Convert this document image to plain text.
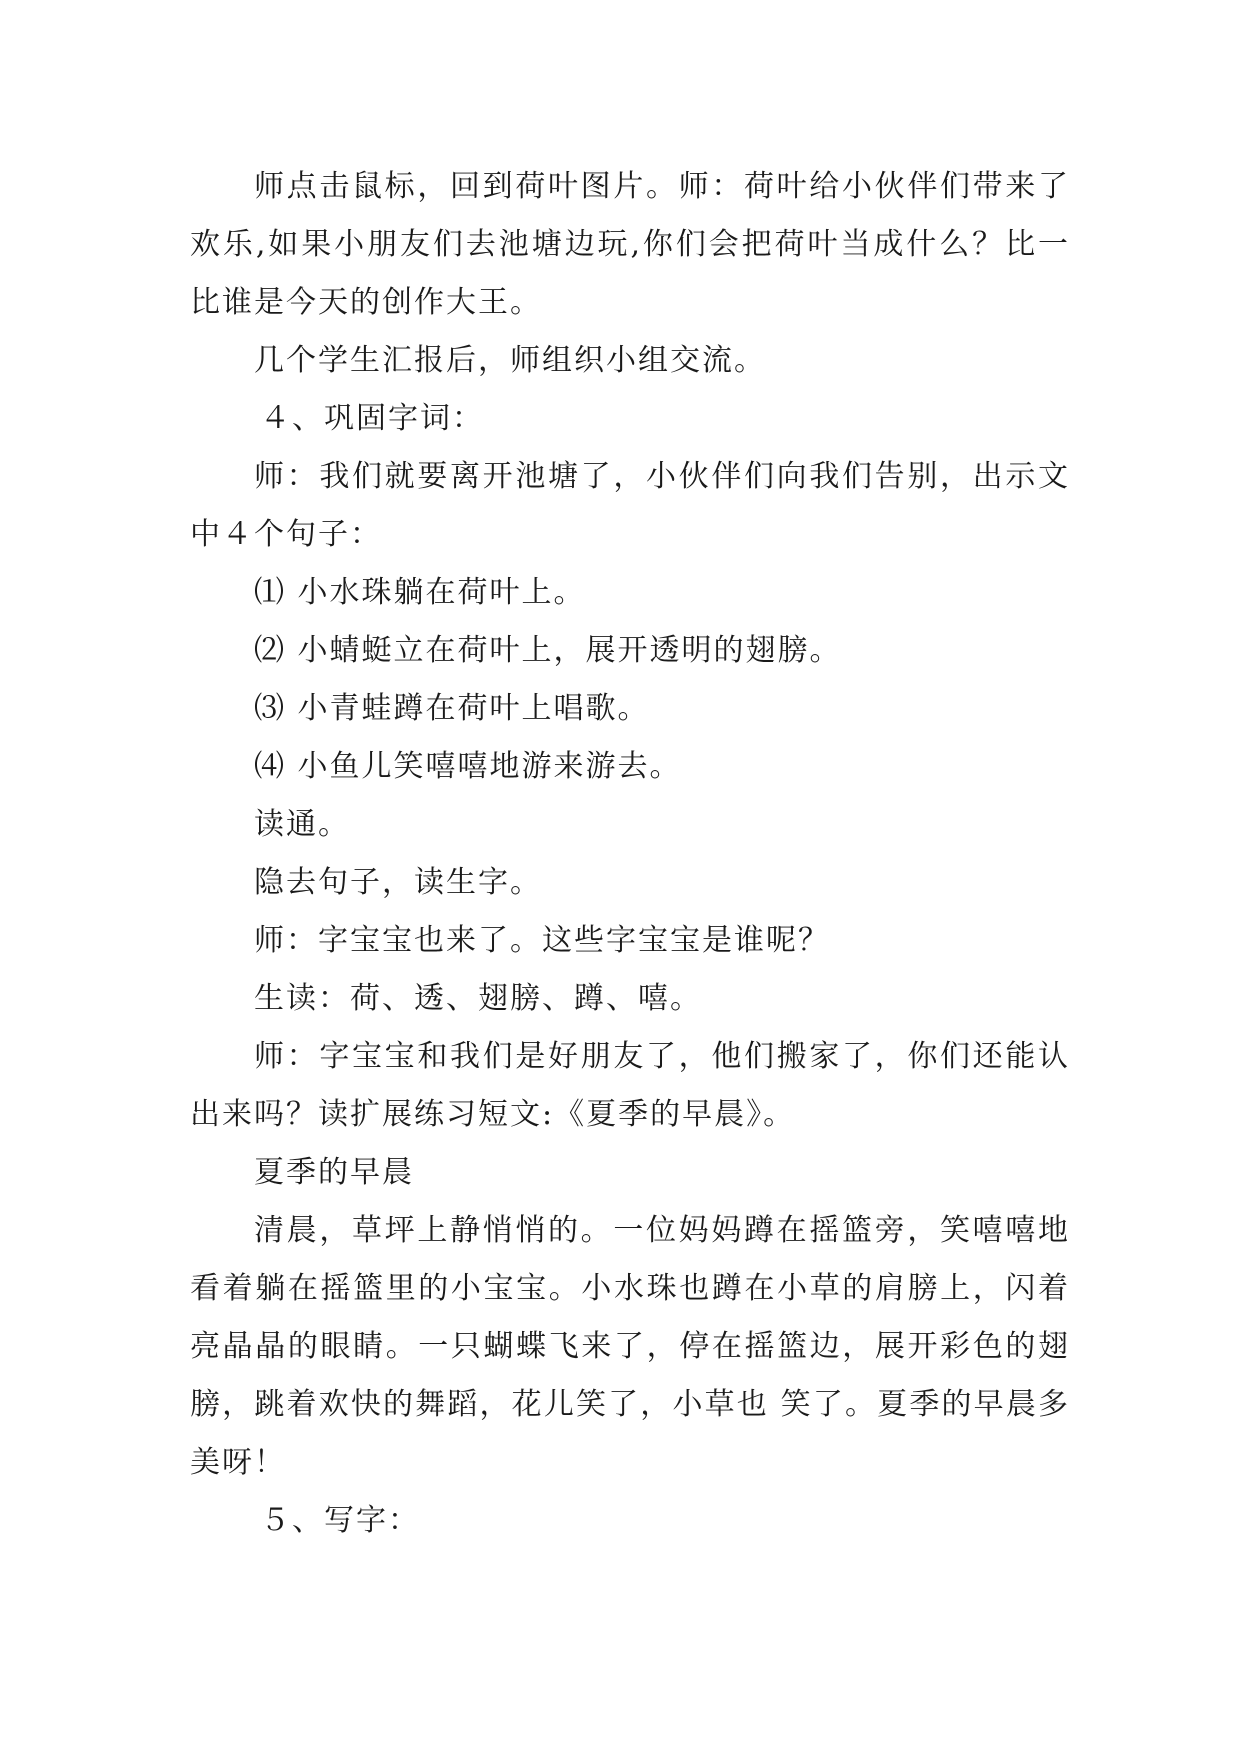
师点击鼠标，回到荷叶图片。师：荷叶给小伙伴们带来了欢乐,如果小朋友们去池塘边玩,你们会把荷叶当成什么？比一比谁是今天的创作大王。

几个学生汇报后，师组织小组交流。

４、巩固字词：

师：我们就要离开池塘了，小伙伴们向我们告别，出示文中４个句子：

⑴ 小水珠躺在荷叶上。

⑵ 小蜻蜓立在荷叶上，展开透明的翅膀。

⑶ 小青蛙蹲在荷叶上唱歌。

⑷ 小鱼儿笑嘻嘻地游来游去。

读通。

隐去句子，读生字。

师：字宝宝也来了。这些字宝宝是谁呢？

生读：荷、透、翅膀、蹲、嘻。

师：字宝宝和我们是好朋友了，他们搬家了，你们还能认出来吗？读扩展练习短文:《夏季的早晨》。

夏季的早晨

清晨，草坪上静悄悄的。一位妈妈蹲在摇篮旁，笑嘻嘻地看着躺在摇篮里的小宝宝。小水珠也蹲在小草的肩膀上，闪着亮晶晶的眼睛。一只蝴蝶飞来了，停在摇篮边，展开彩色的翅膀，跳着欢快的舞蹈，花儿笑了，小草也 笑了。夏季的早晨多美呀！

５、写字：
